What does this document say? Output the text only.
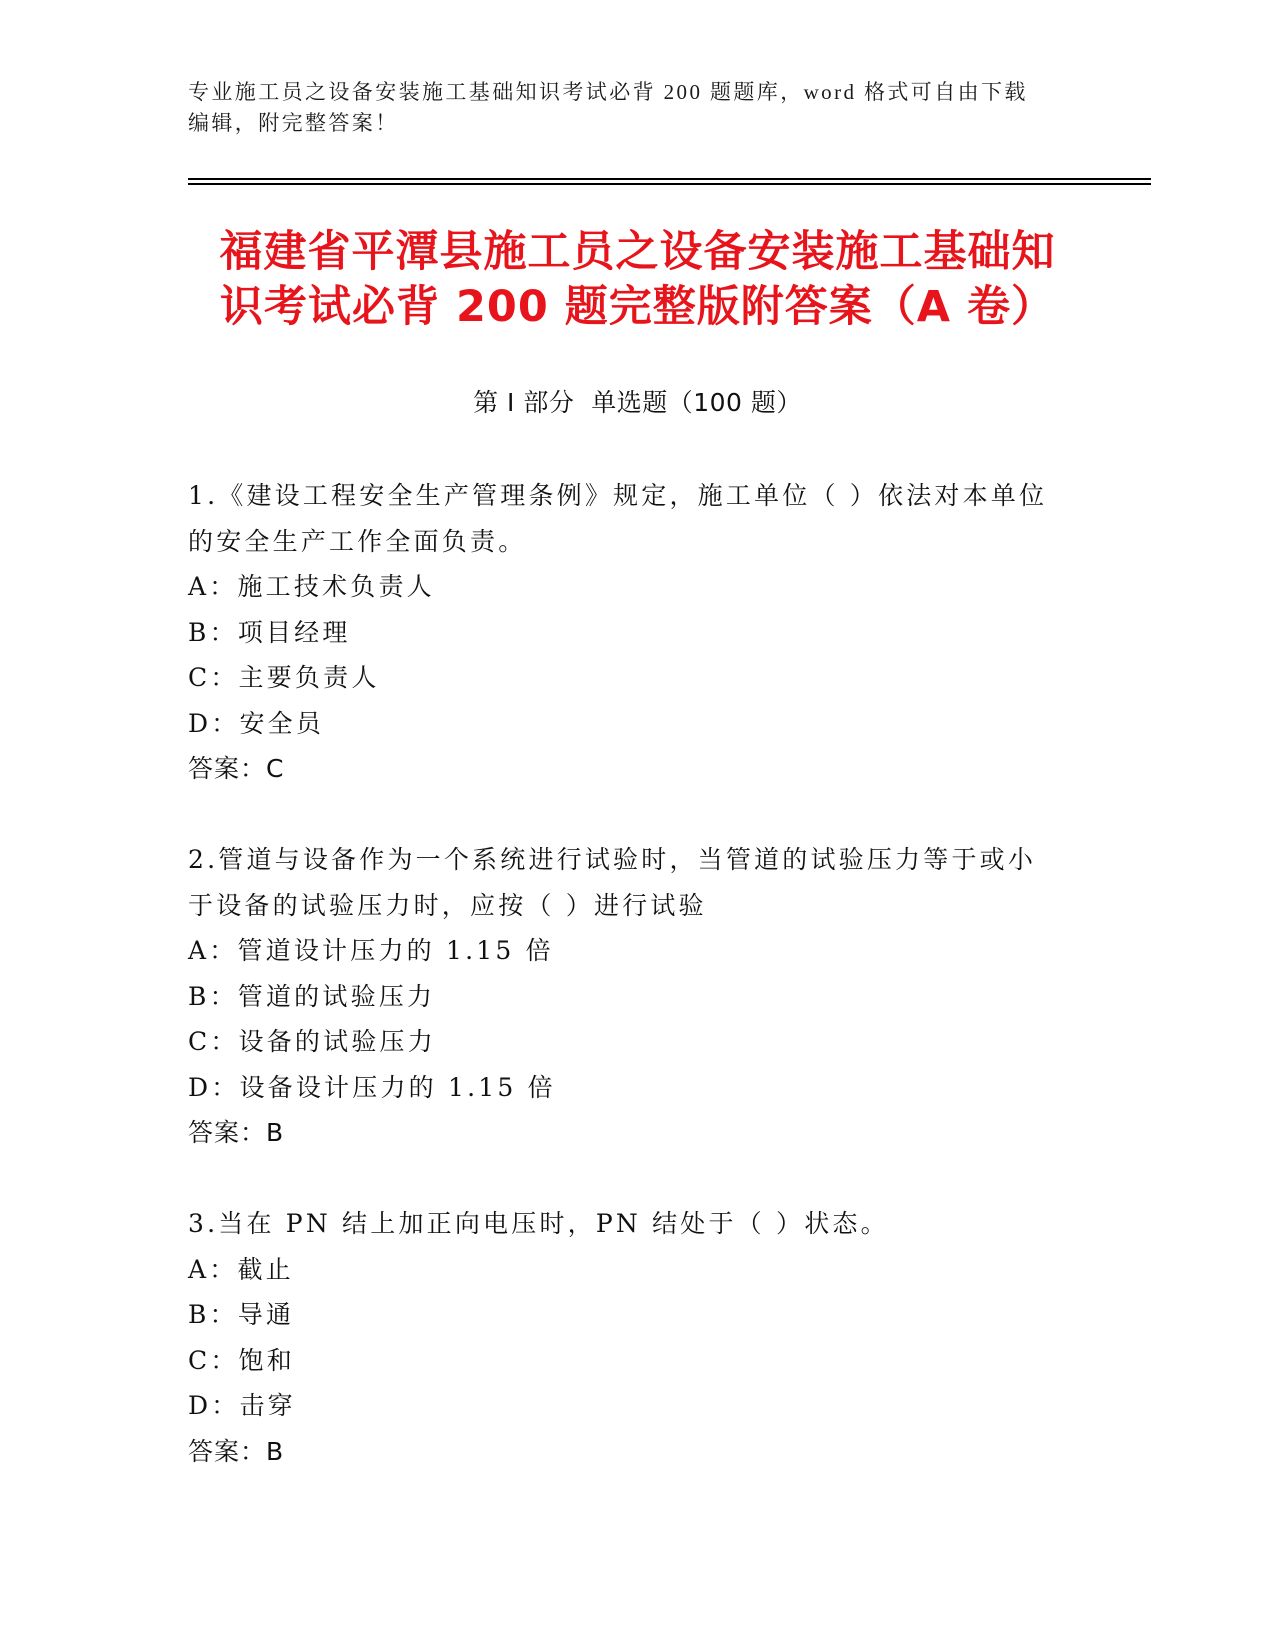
专业施工员之设备安装施工基础知识考试必背 200 题题库，word 格式可自由下载
编辑，附完整答案！
福建省平潭县施工员之设备安装施工基础知
识考试必背 200 题完整版附答案（A 卷）
第 I 部分  单选题（100 题）
1.《建设工程安全生产管理条例》规定，施工单位（ ）依法对本单位
的安全生产工作全面负责。
A：施工技术负责人
B：项目经理
C：主要负责人
D：安全员
答案：C
2.管道与设备作为一个系统进行试验时，当管道的试验压力等于或小
于设备的试验压力时，应按（ ）进行试验
A：管道设计压力的 1.15 倍
B：管道的试验压力
C：设备的试验压力
D：设备设计压力的 1.15 倍
答案：B
3.当在 PN 结上加正向电压时，PN 结处于（ ）状态。
A：截止
B：导通
C：饱和
D：击穿
答案：B
